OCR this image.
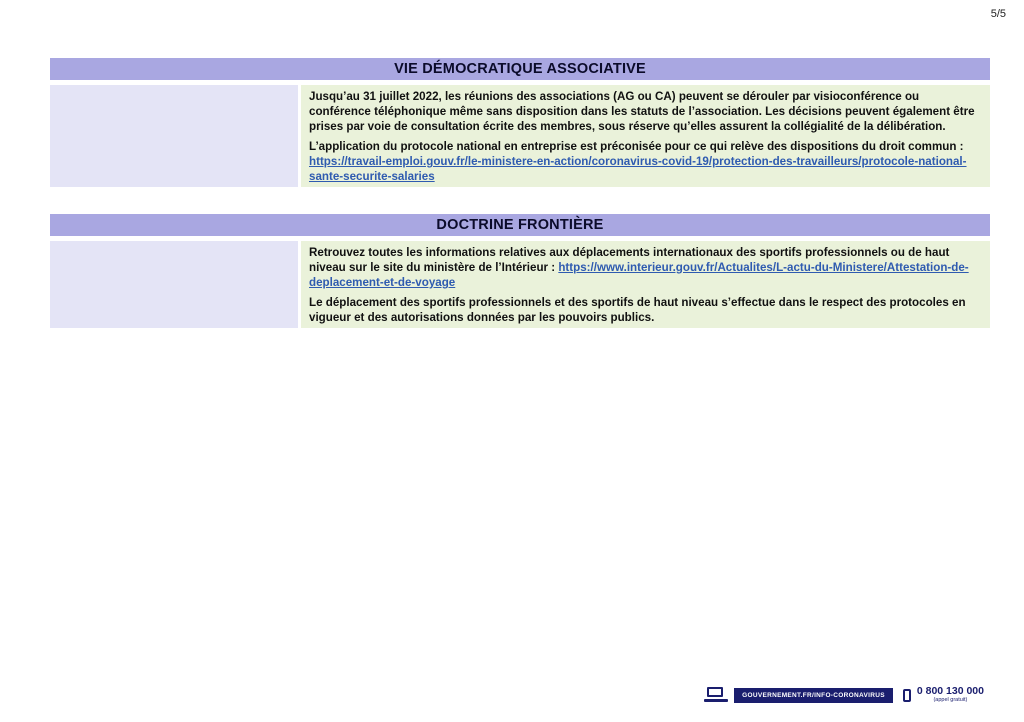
5/5
VIE DÉMOCRATIQUE ASSOCIATIVE

Jusqu’au 31 juillet 2022, les réunions des associations (AG ou CA) peuvent se dérouler par visioconférence ou conférence téléphonique même sans disposition dans les statuts de l’association. Les décisions peuvent également être prises par voie de consultation écrite des membres, sous réserve qu’elles assurent la collégialité de la délibération.

L’application du protocole national en entreprise est préconisée pour ce qui relève des dispositions du droit commun : https://travail-emploi.gouv.fr/le-ministere-en-action/coronavirus-covid-19/protection-des-travailleurs/protocole-national-sante-securite-salaries

DOCTRINE FRONTIÈRE

Retrouvez toutes les informations relatives aux déplacements internationaux des sportifs professionnels ou de haut niveau sur le site du ministère de l’Intérieur : https://www.interieur.gouv.fr/Actualites/L-actu-du-Ministere/Attestation-de-deplacement-et-de-voyage

Le déplacement des sportifs professionnels et des sportifs de haut niveau s’effectue dans le respect des protocoles en vigueur et des autorisations données par les pouvoirs publics.

GOUVERNEMENT.FR/INFO-CORONAVIRUS	0 800 130 000
(appel gratuit)
